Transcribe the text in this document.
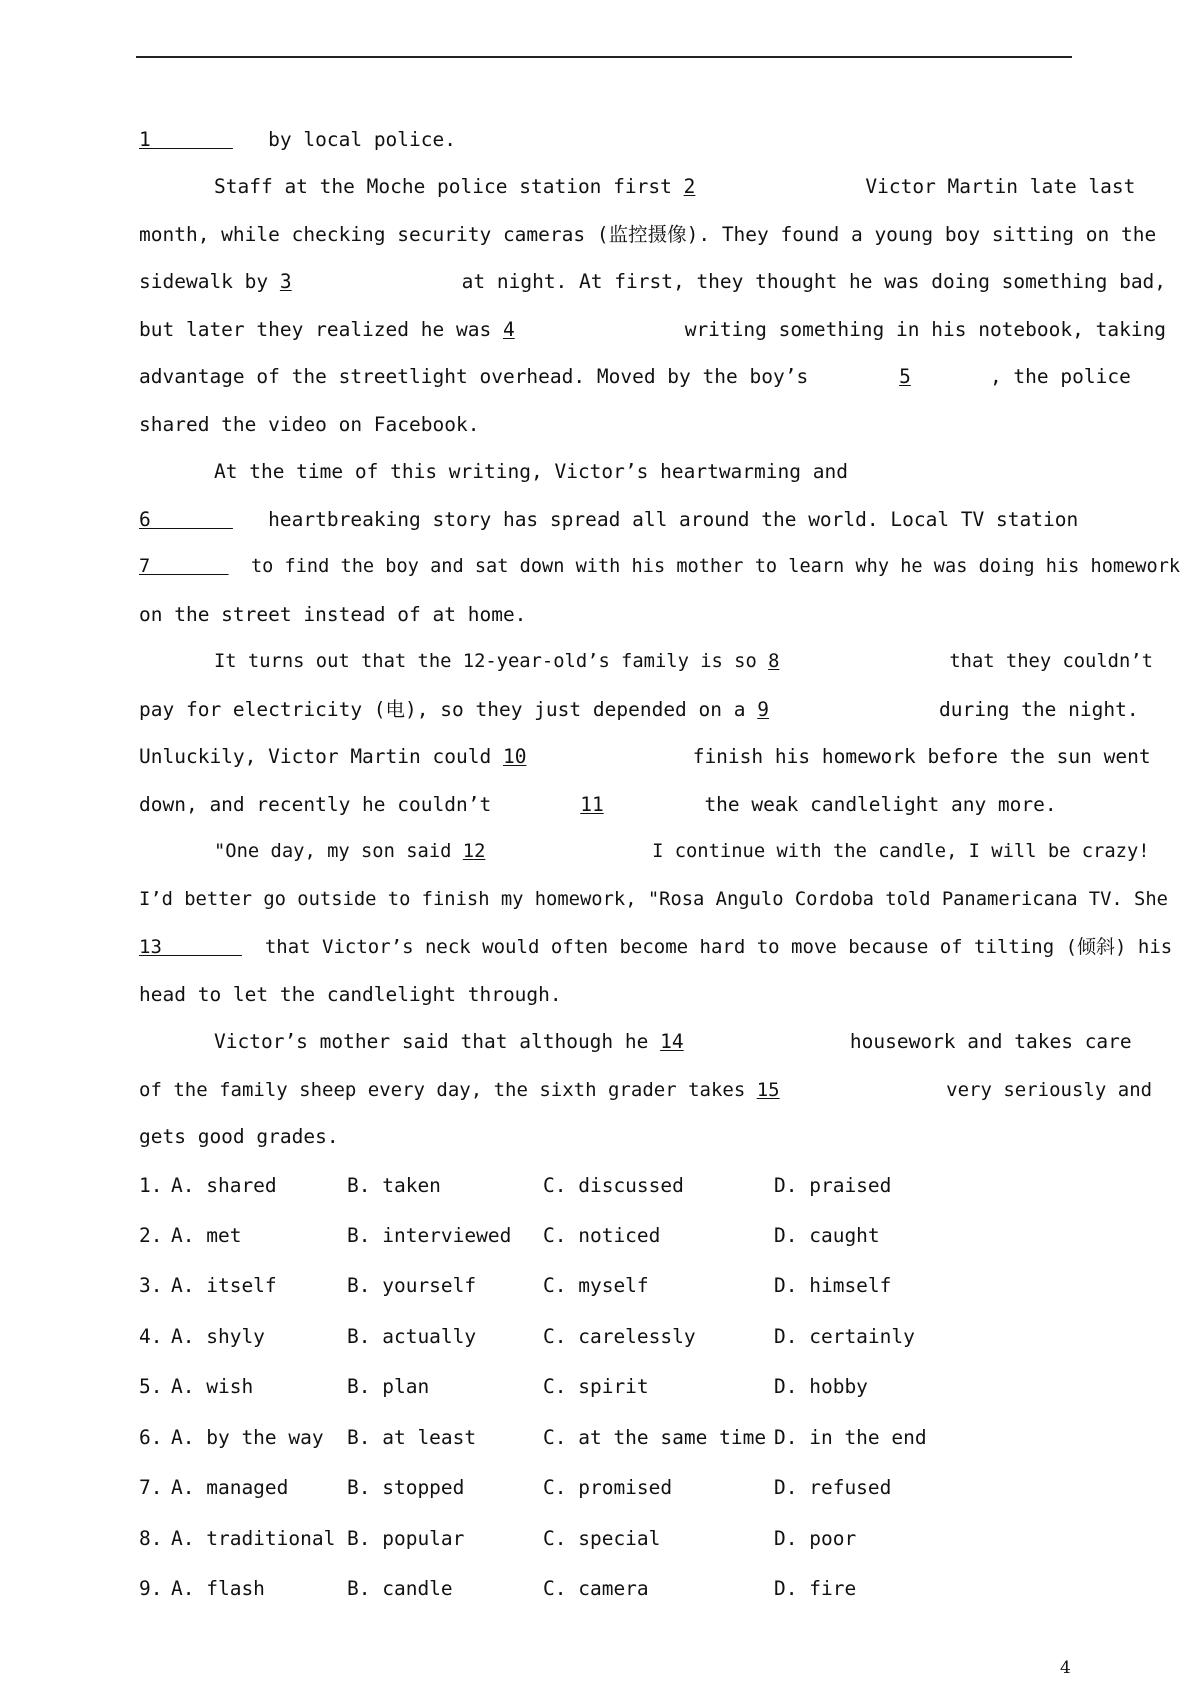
1          by local police.
Staff at the Moche police station first 2	Victor Martin late last
month, while checking security cameras (监控摄像). They found a young boy sitting on the
sidewalk by 3	at night. At first, they thought he was doing something bad,
but later they realized he was 4	writing something in his notebook, taking
advantage of the streetlight overhead. Moved by the boy’s	5	, the police
shared the video on Facebook.
At the time of this writing, Victor’s heartwarming and
6          heartbreaking story has spread all around the world. Local TV station
7         to find the boy and sat down with his mother to learn why he was doing his homework
on the street instead of at home.
It turns out that the 12-year-old’s family is so 8	that they couldn’t
pay for electricity (电), so they just depended on a 9	during the night.
Unluckily, Victor Martin could 10	finish his homework before the sun went
down, and recently he couldn’t	11	the weak candlelight any more.
"One day, my son said 12	I continue with the candle, I will be crazy!
I’d better go outside to finish my homework, "Rosa Angulo Cordoba told Panamericana TV. She
13         that Victor’s neck would often become hard to move because of tilting (倾斜) his
head to let the candlelight through.
Victor’s mother said that although he 14	housework and takes care
of the family sheep every day, the sixth grader takes 15	very seriously and
gets good grades.
1. A. shared	B. taken	C. discussed	D. praised
2. A. met	B. interviewed C. noticed	D. caught
3. A. itself	B. yourself	C. myself	D. himself
4. A. shyly	B. actually	C. carelessly	D. certainly
5. A. wish	B. plan	C. spirit	D. hobby
6. A. by the way B. at least	C. at the same time D. in the end
7. A. managed	B. stopped	C. promised	D. refused
8. A. traditional B. popular	C. special	D. poor
9. A. flash	B. candle	C. camera	D. fire
4
